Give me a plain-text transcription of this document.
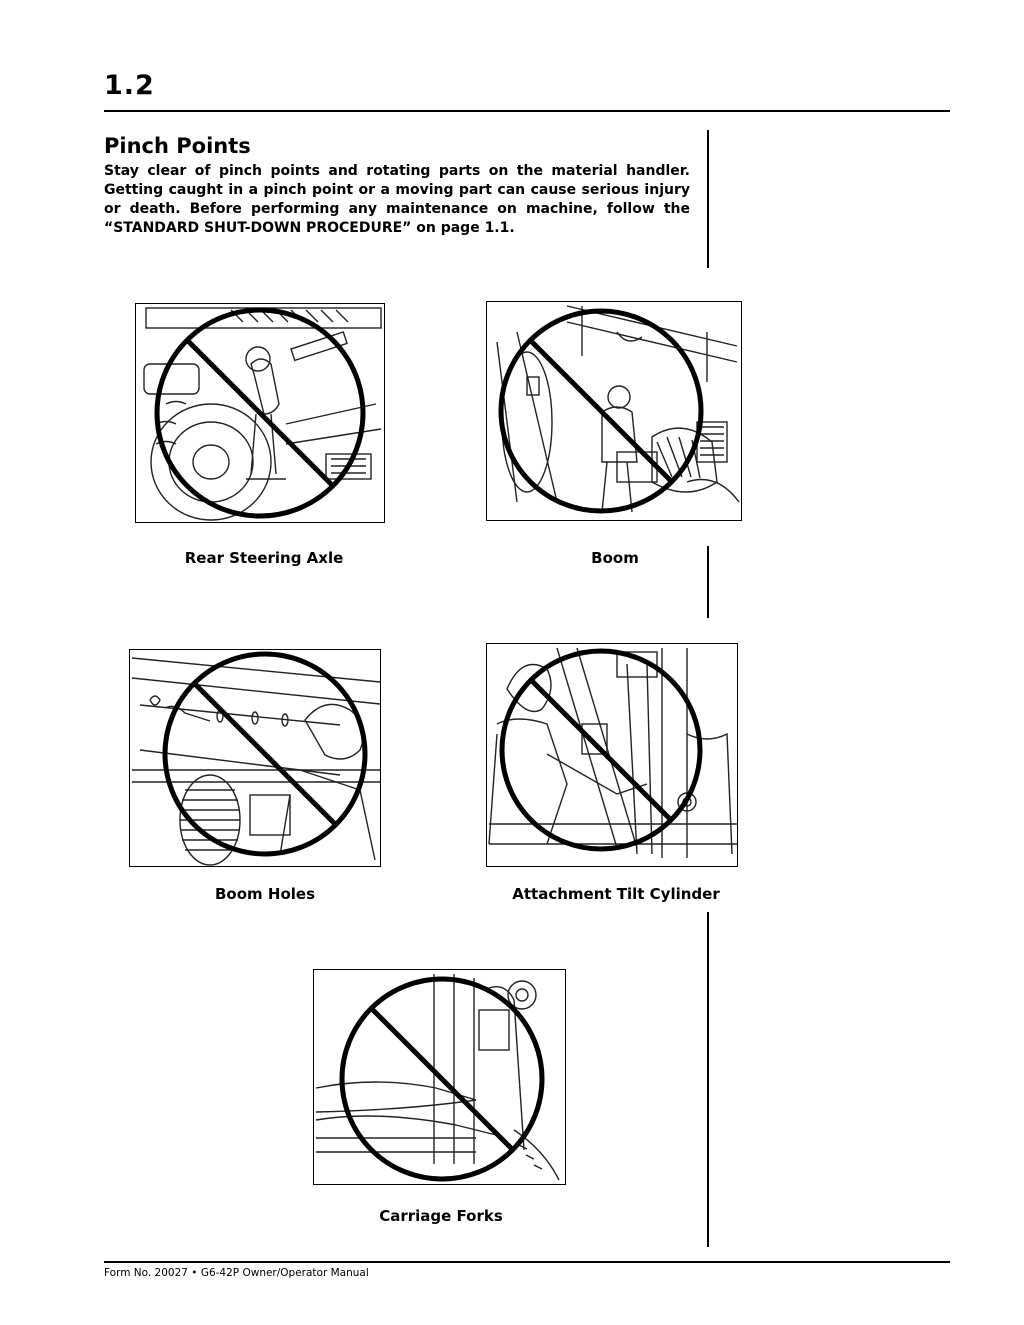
1.2
Pinch Points
Stay clear of pinch points and rotating parts on the material handler. Getting caught in a pinch point or a moving part can cause serious injury or death. Before performing any maintenance on machine, follow the “STANDARD SHUT-DOWN PROCEDURE” on page 1.1.
Rear Steering Axle	Boom
Boom Holes	Attachment Tilt Cylinder
Carriage Forks
Form No. 20027 • G6-42P Owner/Operator Manual
